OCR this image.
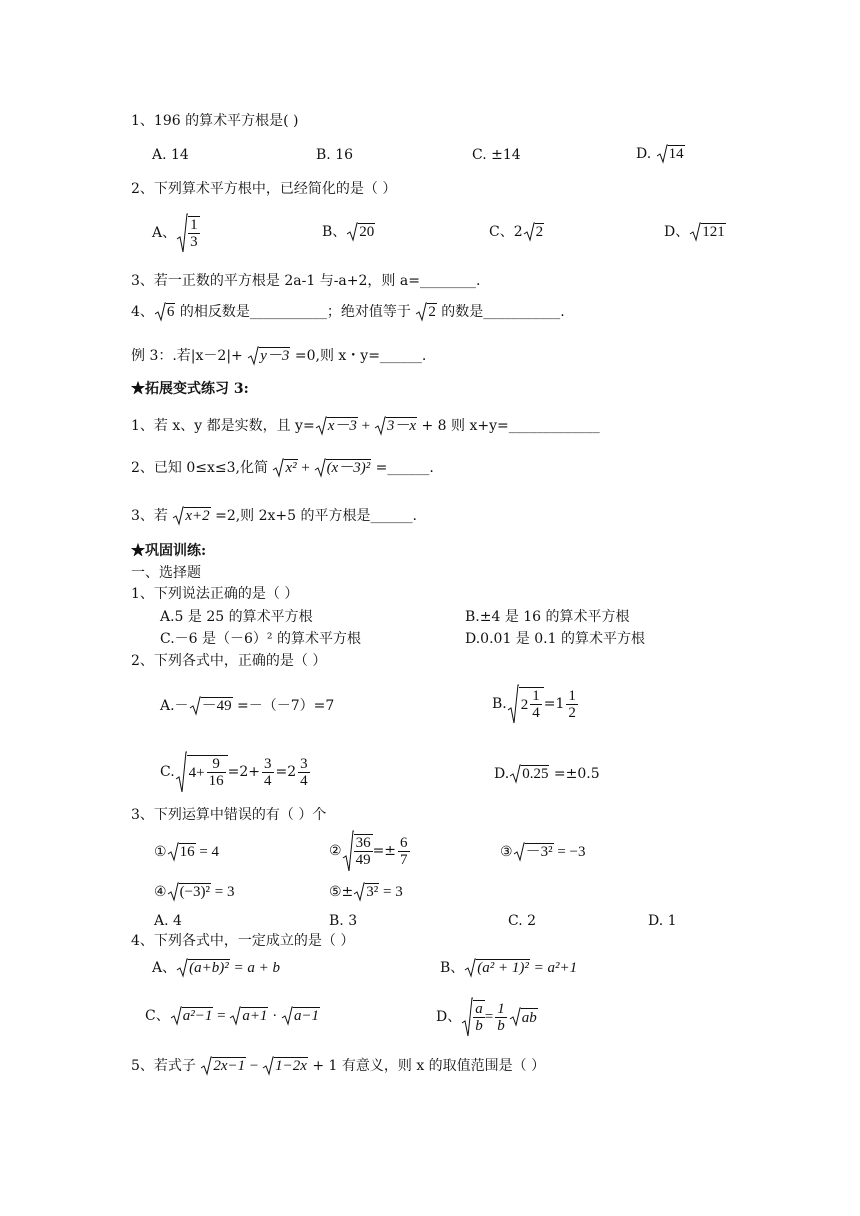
1、196 的算术平方根是( )
A. 14	B. 16	C. ±14	D.
14
2、下列算术平方根中，已经简化的是（ ）
A、 $\frac{1}{3}$	B、 20	C、2 2	D、 121
3、若一正数的平方根是 2a-1 与-a+2，则 a=________.
4、 6 的相反数是___________；绝对值等于
2 的数是___________.
例 3：.若|x－2|+
y－3 =0,则 x・y=______.
★拓展变式练习 3:
1、若 x、y 都是实数，且 y= x－3 +
3－x + 8 则 x+y=_____________
2、已知 0≤x≤3,化简
x² +
(x－3)² =______.
3、若
x+2 =2,则 2x+5 的平方根是______.
★巩固训练:
一、选择题
1、下列说法正确的是（ ）
A.5 是 25 的算术平方根	B.±4 是 16 的算术平方根
C.－6 是（－6）² 的算术平方根	D.0.01 是 0.1 的算术平方根
2、下列各式中，正确的是（ ）
A.－ －49 =－（－7）=7	B. $2 \frac{1}{4} =1 \frac{1}{2}$
C. $4+ \frac{9}{16} =2+ \frac{3}{4} =2 \frac{3}{4}$	D. 0.25 =±0.5
3、下列运算中错误的有（ ）个
① 16 = 4	② $\frac{36}{49} =\pm \frac{6}{7}$	③ －3² = −3
④ (−3)² = 3	⑤± 3² = 3
A. 4	B. 3	C. 2	D. 1
4、下列各式中，一定成立的是（ ）
A、 (a+b)² = a + b	B、 (a² + 1)² = a²+1
C、 a²−1 =
a+1 ·
a−1	D、 $\frac{a}{b} = \frac{1}{b}$ ab
5、若式子
2x−1 −
1−2x + 1 有意义，则 x 的取值范围是（ ）
